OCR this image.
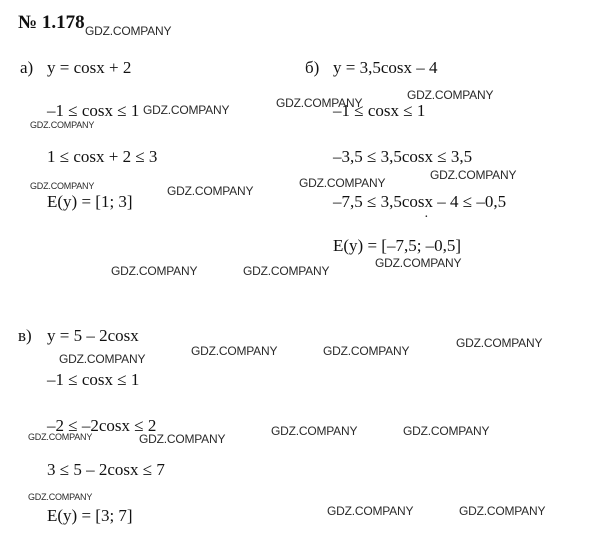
№ 1.178
а) y = cosx + 2
–1 ≤ cosx ≤ 1
1 ≤ cosx + 2 ≤ 3
E(y) = [1; 3]
б) y = 3,5cosx – 4
–1 ≤ cosx ≤ 1
–3,5 ≤ 3,5cosx ≤ 3,5
–7,5 ≤ 3,5cosx – 4 ≤ –0,5
·
E(y) = [–7,5; –0,5]
в) y = 5 – 2cosx
–1 ≤ cosx ≤ 1
–2 ≤ –2cosx ≤ 2
3 ≤ 5 – 2cosx ≤ 7
E(y) = [3; 7]
GDZ.COMPANY
GDZ.COMPANY
GDZ.COMPANY
GDZ.COMPANY
GDZ.COMPANY
GDZ.COMPANY	GDZ.COMPANY
GDZ.COMPANY
GDZ.COMPANY
GDZ.COMPANY
GDZ.COMPANY	GDZ.COMPANY
GDZ.COMPANY
GDZ.COMPANY	GDZ.COMPANY
GDZ.COMPANY
GDZ.COMPANY	GDZ.COMPANY
GDZ.COMPANY	GDZ.COMPANY
GDZ.COMPANY
GDZ.COMPANY	GDZ.COMPANY
